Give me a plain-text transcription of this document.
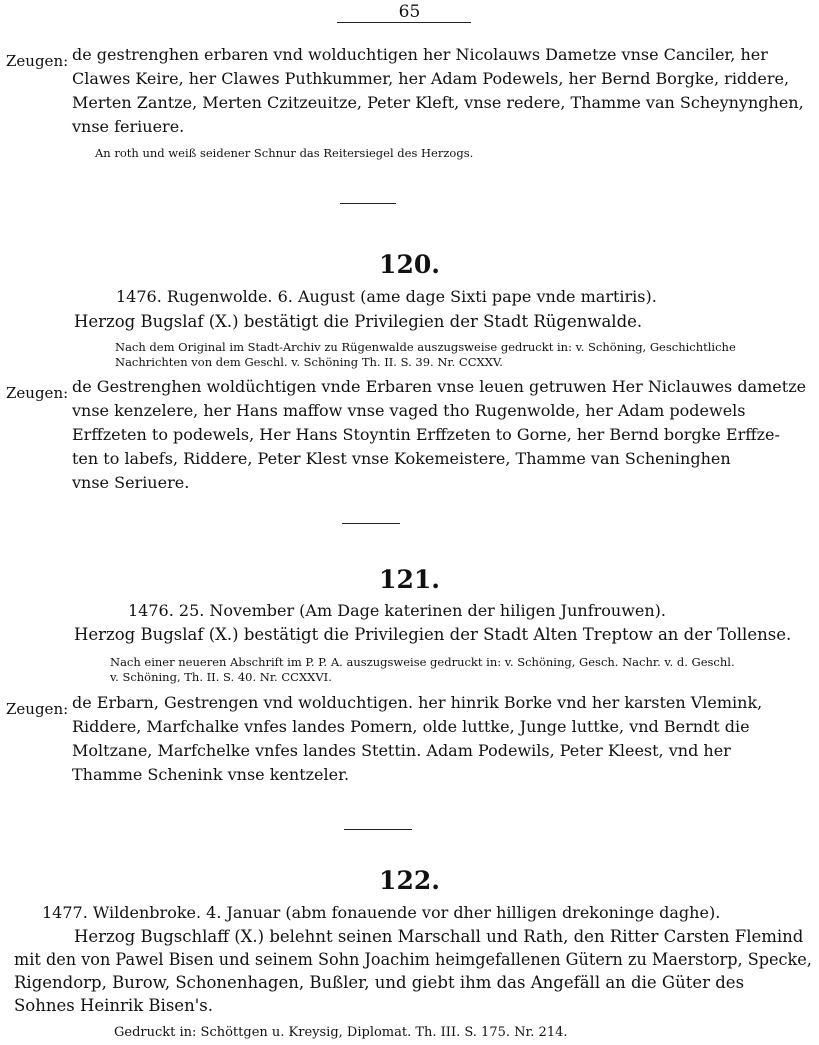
65
Zeugen: de gestrenghen erbaren vnd wolduchtigen her Nicolauws Dametze vnse Canciler, her
Clawes Keire, her Clawes Puthkummer, her Adam Podewels, her Bernd Borgke, riddere,
Merten Zantze, Merten Czitzeuitze, Peter Kleft, vnse redere, Thamme van Scheynynghen,
vnse feriuere.
An roth und weiß seidener Schnur das Reitersiegel des Herzogs.
120.
1476. Rugenwolde. 6. August (ame dage Sixti pape vnde martiris).
Herzog Bugslaf (X.) bestätigt die Privilegien der Stadt Rügenwalde.
Nach dem Original im Stadt-Archiv zu Rügenwalde auszugsweise gedruckt in: v. Schöning, Geschichtliche
Nachrichten von dem Geschl. v. Schöning Th. II. S. 39. Nr. CCXXV.
Zeugen: de Gestrenghen woldüchtigen vnde Erbaren vnse leuen getruwen Her Niclauwes dametze
vnse kenzelere, her Hans maffow vnse vaged tho Rugenwolde, her Adam podewels
Erffzeten to podewels, Her Hans Stoyntin Erffzeten to Gorne, her Bernd borgke Erffze-
ten to labefs, Riddere, Peter Klest vnse Kokemeistere, Thamme van Scheninghen
vnse Seriuere.
121.
1476. 25. November (Am Dage katerinen der hiligen Junfrouwen).
Herzog Bugslaf (X.) bestätigt die Privilegien der Stadt Alten Treptow an der Tollense.
Nach einer neueren Abschrift im P. P. A. auszugsweise gedruckt in: v. Schöning, Gesch. Nachr. v. d. Geschl.
v. Schöning, Th. II. S. 40. Nr. CCXXVI.
Zeugen: de Erbarn, Gestrengen vnd wolduchtigen. her hinrik Borke vnd her karsten Vlemink,
Riddere, Marfchalke vnfes landes Pomern, olde luttke, Junge luttke, vnd Berndt die
Moltzane, Marfchelke vnfes landes Stettin. Adam Podewils, Peter Kleest, vnd her
Thamme Schenink vnse kentzeler.
122.
1477. Wildenbroke. 4. Januar (abm fonauende vor dher hilligen drekoninge daghe).
Herzog Bugschlaff (X.) belehnt seinen Marschall und Rath, den Ritter Carsten Flemind
mit den von Pawel Bisen und seinem Sohn Joachim heimgefallenen Gütern zu Maerstorp, Specke,
Rigendorp, Burow, Schonenhagen, Bußler, und giebt ihm das Angefäll an die Güter des
Sohnes Heinrik Bisen's.
Gedruckt in: Schöttgen u. Kreysig, Diplomat. Th. III. S. 175. Nr. 214.
